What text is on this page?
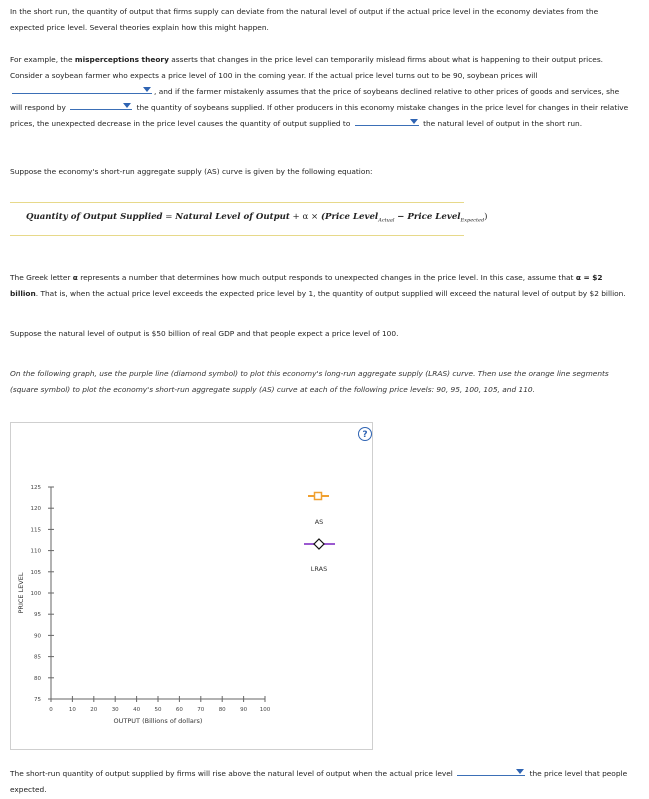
In the short run, the quantity of output that firms supply can deviate from the natural level of output if the actual price level in the economy deviates from the expected price level. Several theories explain how this might happen.

For example, the misperceptions theory asserts that changes in the price level can temporarily mislead firms about what is happening to their output prices. Consider a soybean farmer who expects a price level of 100 in the coming year. If the actual price level turns out to be 90, soybean prices will
, and if the farmer mistakenly assumes that the price of soybeans declined relative to other prices of goods and services, she will respond by	the quantity of soybeans supplied. If other producers in this economy mistake changes in the price level for changes in their relative prices, the unexpected decrease in the price level causes the quantity of output supplied to	the natural level of output in the short run.

Suppose the economy's short-run aggregate supply (AS) curve is given by the following equation:

Quantity of Output Supplied = Natural Level of Output + α × (Price Level$_{Actual}$ − Price Level$_{Expected}$)

The Greek letter α represents a number that determines how much output responds to unexpected changes in the price level. In this case, assume that α = $2 billion. That is, when the actual price level exceeds the expected price level by 1, the quantity of output supplied will exceed the natural level of output by $2 billion.

Suppose the natural level of output is $50 billion of real GDP and that people expect a price level of 100.

On the following graph, use the purple line (diamond symbol) to plot this economy's long-run aggregate supply (LRAS) curve. Then use the orange line segments (square symbol) to plot the economy's short-run aggregate supply (AS) curve at each of the following price levels: 90, 95, 100, 105, and 110.

?
PRICE LEVEL
OUTPUT (Billions of dollars)
125
120
115
110
105
100
95
90
85
80
75
0	10	20	30	40	50	60	70	80	90 100
AS
LRAS

The short-run quantity of output supplied by firms will rise above the natural level of output when the actual price level	the price level that people expected.
